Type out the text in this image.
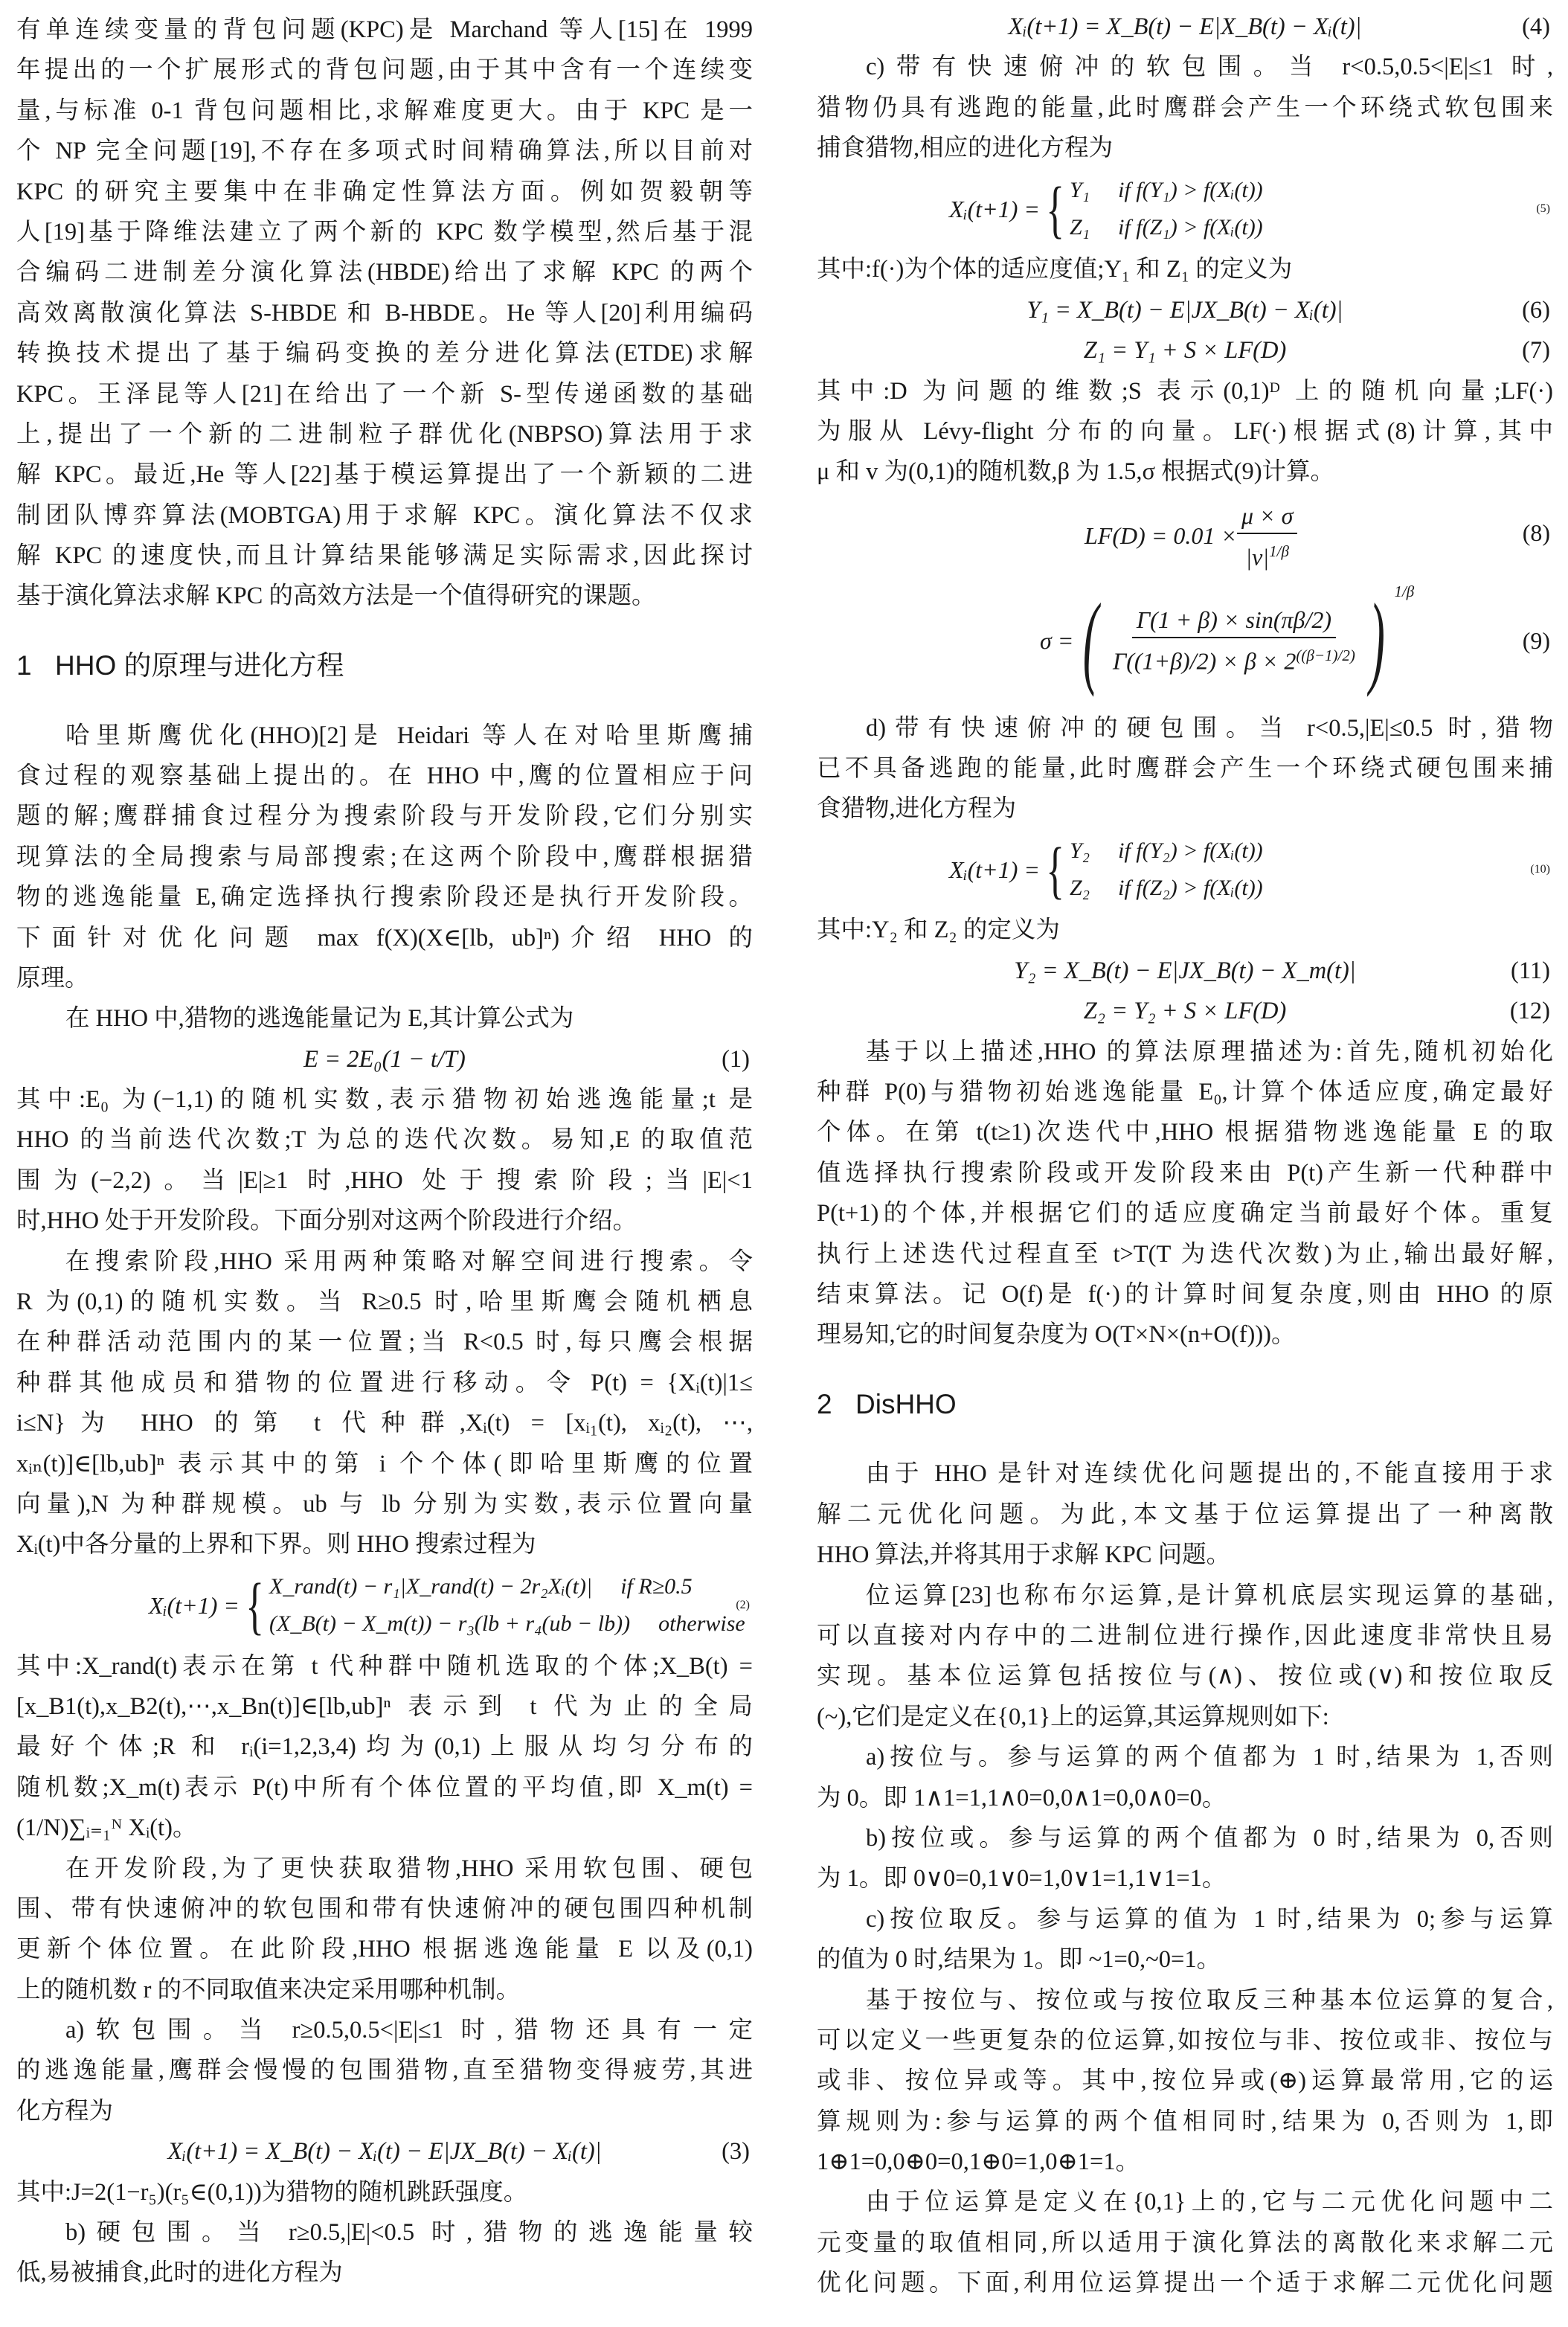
有单连续变量的背包问题(KPC)是 Marchand 等人[15]在 1999
年提出的一个扩展形式的背包问题,由于其中含有一个连续变
量,与标准 0-1 背包问题相比,求解难度更大。由于 KPC 是一
个 NP 完全问题[19],不存在多项式时间精确算法,所以目前对
KPC 的研究主要集中在非确定性算法方面。例如贺毅朝等
人[19]基于降维法建立了两个新的 KPC 数学模型,然后基于混
合编码二进制差分演化算法(HBDE)给出了求解 KPC 的两个
高效离散演化算法 S-HBDE 和 B-HBDE。He 等人[20]利用编码
转换技术提出了基于编码变换的差分进化算法(ETDE)求解
KPC。王泽昆等人[21]在给出了一个新 S-型传递函数的基础
上,提出了一个新的二进制粒子群优化(NBPSO)算法用于求
解 KPC。最近,He 等人[22]基于模运算提出了一个新颖的二进
制团队博弈算法(MOBTGA)用于求解 KPC。演化算法不仅求
解 KPC 的速度快,而且计算结果能够满足实际需求,因此探讨
基于演化算法求解 KPC 的高效方法是一个值得研究的课题。
1 HHO 的原理与进化方程
哈里斯鹰优化(HHO)[2]是 Heidari 等人在对哈里斯鹰捕
食过程的观察基础上提出的。在 HHO 中,鹰的位置相应于问
题的解;鹰群捕食过程分为搜索阶段与开发阶段,它们分别实
现算法的全局搜索与局部搜索;在这两个阶段中,鹰群根据猎
物的逃逸能量 E,确定选择执行搜索阶段还是执行开发阶段。
下面针对优化问题 max f(X)(X∈[lb, ub]ⁿ)介绍 HHO 的
原理。
在 HHO 中,猎物的逃逸能量记为 E,其计算公式为
E = 2E₀(1 − t/T)	(1)
其中:E₀ 为(−1,1)的随机实数,表示猎物初始逃逸能量;t 是
HHO 的当前迭代次数;T 为总的迭代次数。易知,E 的取值范
围为(−2,2)。当|E|≥1 时,HHO 处于搜索阶段;当|E|<1
时,HHO 处于开发阶段。下面分别对这两个阶段进行介绍。
在搜索阶段,HHO 采用两种策略对解空间进行搜索。令
R 为(0,1)的随机实数。当 R≥0.5 时,哈里斯鹰会随机栖息
在种群活动范围内的某一位置;当 R<0.5 时,每只鹰会根据
种群其他成员和猎物的位置进行移动。令 P(t) = {Xᵢ(t)|1≤
i≤N}为 HHO 的第 t 代种群,Xᵢ(t) = [xᵢ₁(t), xᵢ₂(t), ⋯,
xᵢₙ(t)]∈[lb,ub]ⁿ 表示其中的第 i 个个体(即哈里斯鹰的位置
向量),N 为种群规模。ub 与 lb 分别为实数,表示位置向量
Xᵢ(t)中各分量的上界和下界。则 HHO 搜索过程为
Xᵢ(t+1) = { X_rand(t) − r₁|X_rand(t) − 2r₂Xᵢ(t)| if R≥0.5
(X_B(t) − X_m(t)) − r₃(lb + r₄(ub − lb)) otherwise
(2)
其中:X_rand(t)表示在第 t 代种群中随机选取的个体;X_B(t) =
[x_B1(t),x_B2(t),⋯,x_Bn(t)]∈[lb,ub]ⁿ 表示到 t 代为止的全局
最好个体;R 和 rᵢ(i=1,2,3,4)均为(0,1)上服从均匀分布的
随机数;X_m(t)表示 P(t)中所有个体位置的平均值,即 X_m(t) =
(1/N)∑ᵢ₌₁ᴺ Xᵢ(t)。
在开发阶段,为了更快获取猎物,HHO 采用软包围、硬包
围、带有快速俯冲的软包围和带有快速俯冲的硬包围四种机制
更新个体位置。在此阶段,HHO 根据逃逸能量 E 以及(0,1)
上的随机数 r 的不同取值来决定采用哪种机制。
a)软包围。当 r≥0.5,0.5<|E|≤1 时,猎物还具有一定
的逃逸能量,鹰群会慢慢的包围猎物,直至猎物变得疲劳,其进
化方程为
Xᵢ(t+1) = X_B(t) − Xᵢ(t) − E|JX_B(t) − Xᵢ(t)|	(3)
其中:J=2(1−r₅)(r₅∈(0,1))为猎物的随机跳跃强度。
b)硬包围。当 r≥0.5,|E|<0.5 时,猎物的逃逸能量较
低,易被捕食,此时的进化方程为
Xᵢ(t+1) = X_B(t) − E|X_B(t) − Xᵢ(t)|	(4)
c)带有快速俯冲的软包围。当 r<0.5,0.5<|E|≤1 时,
猎物仍具有逃跑的能量,此时鹰群会产生一个环绕式软包围来
捕食猎物,相应的进化方程为
Xᵢ(t+1) = { Y₁ if f(Y₁) > f(Xᵢ(t))
Z₁ if f(Z₁) > f(Xᵢ(t))
(5)
其中:f(·)为个体的适应度值;Y₁ 和 Z₁ 的定义为
Y₁ = X_B(t) − E|JX_B(t) − Xᵢ(t)|	(6)
Z₁ = Y₁ + S × LF(D)	(7)
其中:D 为问题的维数;S 表示(0,1)ᴰ 上的随机向量;LF(·)
为服从 Lévy-flight 分布的向量。LF(·)根据式(8)计算,其中
μ 和 v 为(0,1)的随机数,β 为 1.5,σ 根据式(9)计算。
$LF(D) = 0.01 \times \frac{\mu \times \sigma}{|\nu|^{1/\beta}}$	(8)
σ = ( $\frac{\Gamma(1 + \beta) \times \sin(\pi\beta/2)}{\Gamma((1+\beta)/2) \times \beta \times 2^{((\beta-1)/2)}}$ ) $^{1/\beta}$
(9)
d)带有快速俯冲的硬包围。当 r<0.5,|E|≤0.5 时,猎物
已不具备逃跑的能量,此时鹰群会产生一个环绕式硬包围来捕
食猎物,进化方程为
Xᵢ(t+1) = { Y₂ if f(Y₂) > f(Xᵢ(t))
Z₂ if f(Z₂) > f(Xᵢ(t))
(10)
其中:Y₂ 和 Z₂ 的定义为
Y₂ = X_B(t) − E|JX_B(t) − X_m(t)|	(11)
Z₂ = Y₂ + S × LF(D)	(12)
基于以上描述,HHO 的算法原理描述为:首先,随机初始化
种群 P(0)与猎物初始逃逸能量 E₀,计算个体适应度,确定最好
个体。在第 t(t≥1)次迭代中,HHO 根据猎物逃逸能量 E 的取
值选择执行搜索阶段或开发阶段来由 P(t)产生新一代种群中
P(t+1)的个体,并根据它们的适应度确定当前最好个体。重复
执行上述迭代过程直至 t>T(T 为迭代次数)为止,输出最好解,
结束算法。记 O(f)是 f(·)的计算时间复杂度,则由 HHO 的原
理易知,它的时间复杂度为 O(T×N×(n+O(f)))。
2 DisHHO
由于 HHO 是针对连续优化问题提出的,不能直接用于求
解二元优化问题。为此,本文基于位运算提出了一种离散
HHO 算法,并将其用于求解 KPC 问题。
位运算[23]也称布尔运算,是计算机底层实现运算的基础,
可以直接对内存中的二进制位进行操作,因此速度非常快且易
实现。基本位运算包括按位与(∧)、按位或(∨)和按位取反
(~),它们是定义在{0,1}上的运算,其运算规则如下:
a)按位与。参与运算的两个值都为 1 时,结果为 1,否则
为 0。即 1∧1=1,1∧0=0,0∧1=0,0∧0=0。
b)按位或。参与运算的两个值都为 0 时,结果为 0,否则
为 1。即 0∨0=0,1∨0=1,0∨1=1,1∨1=1。
c)按位取反。参与运算的值为 1 时,结果为 0;参与运算
的值为 0 时,结果为 1。即 ~1=0,~0=1。
基于按位与、按位或与按位取反三种基本位运算的复合,
可以定义一些更复杂的位运算,如按位与非、按位或非、按位与
或非、按位异或等。其中,按位异或(⊕)运算最常用,它的运
算规则为:参与运算的两个值相同时,结果为 0,否则为 1,即
1⊕1=0,0⊕0=0,1⊕0=1,0⊕1=1。
由于位运算是定义在{0,1}上的,它与二元优化问题中二
元变量的取值相同,所以适用于演化算法的离散化来求解二元
优化问题。下面,利用位运算提出一个适于求解二元优化问题
